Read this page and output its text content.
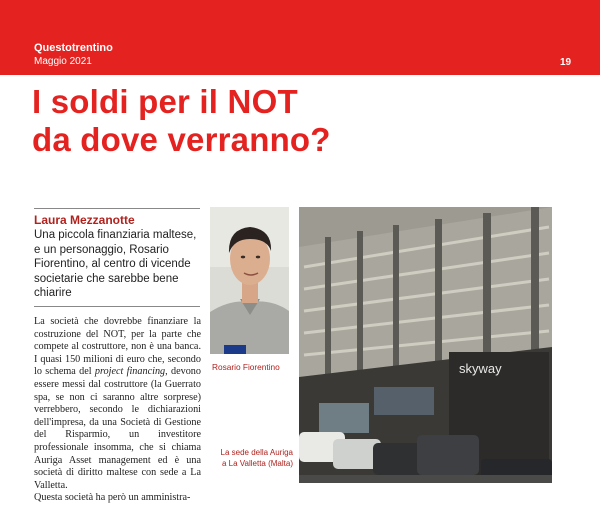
Questotrentino
Maggio 2021	19
I soldi per il NOT
da dove verranno?
Laura Mezzanotte
Una piccola finanziaria maltese,
e un personaggio, Rosario
Fiorentino, al centro di vicende
societarie che sarebbe bene
chiarire
La società che dovrebbe finanziare la costruzione del NOT, per la parte che compete al costruttore, non è una banca. I quasi 150 milioni di euro che, secondo lo schema del project financing, devono essere messi dal costruttore (la Guerrato spa, se non ci saranno altre sorprese) verrebbero, secondo le dichiarazioni dell'impresa, da una Società di Gestione del Risparmio, un investitore professionale insomma, che si chiama Auriga Asset management ed è una società di diritto maltese con sede a La Valletta.
Questa società ha però un amministra-
Rosario Fiorentino
La sede della Auriga
a La Valletta (Malta)
skyway
